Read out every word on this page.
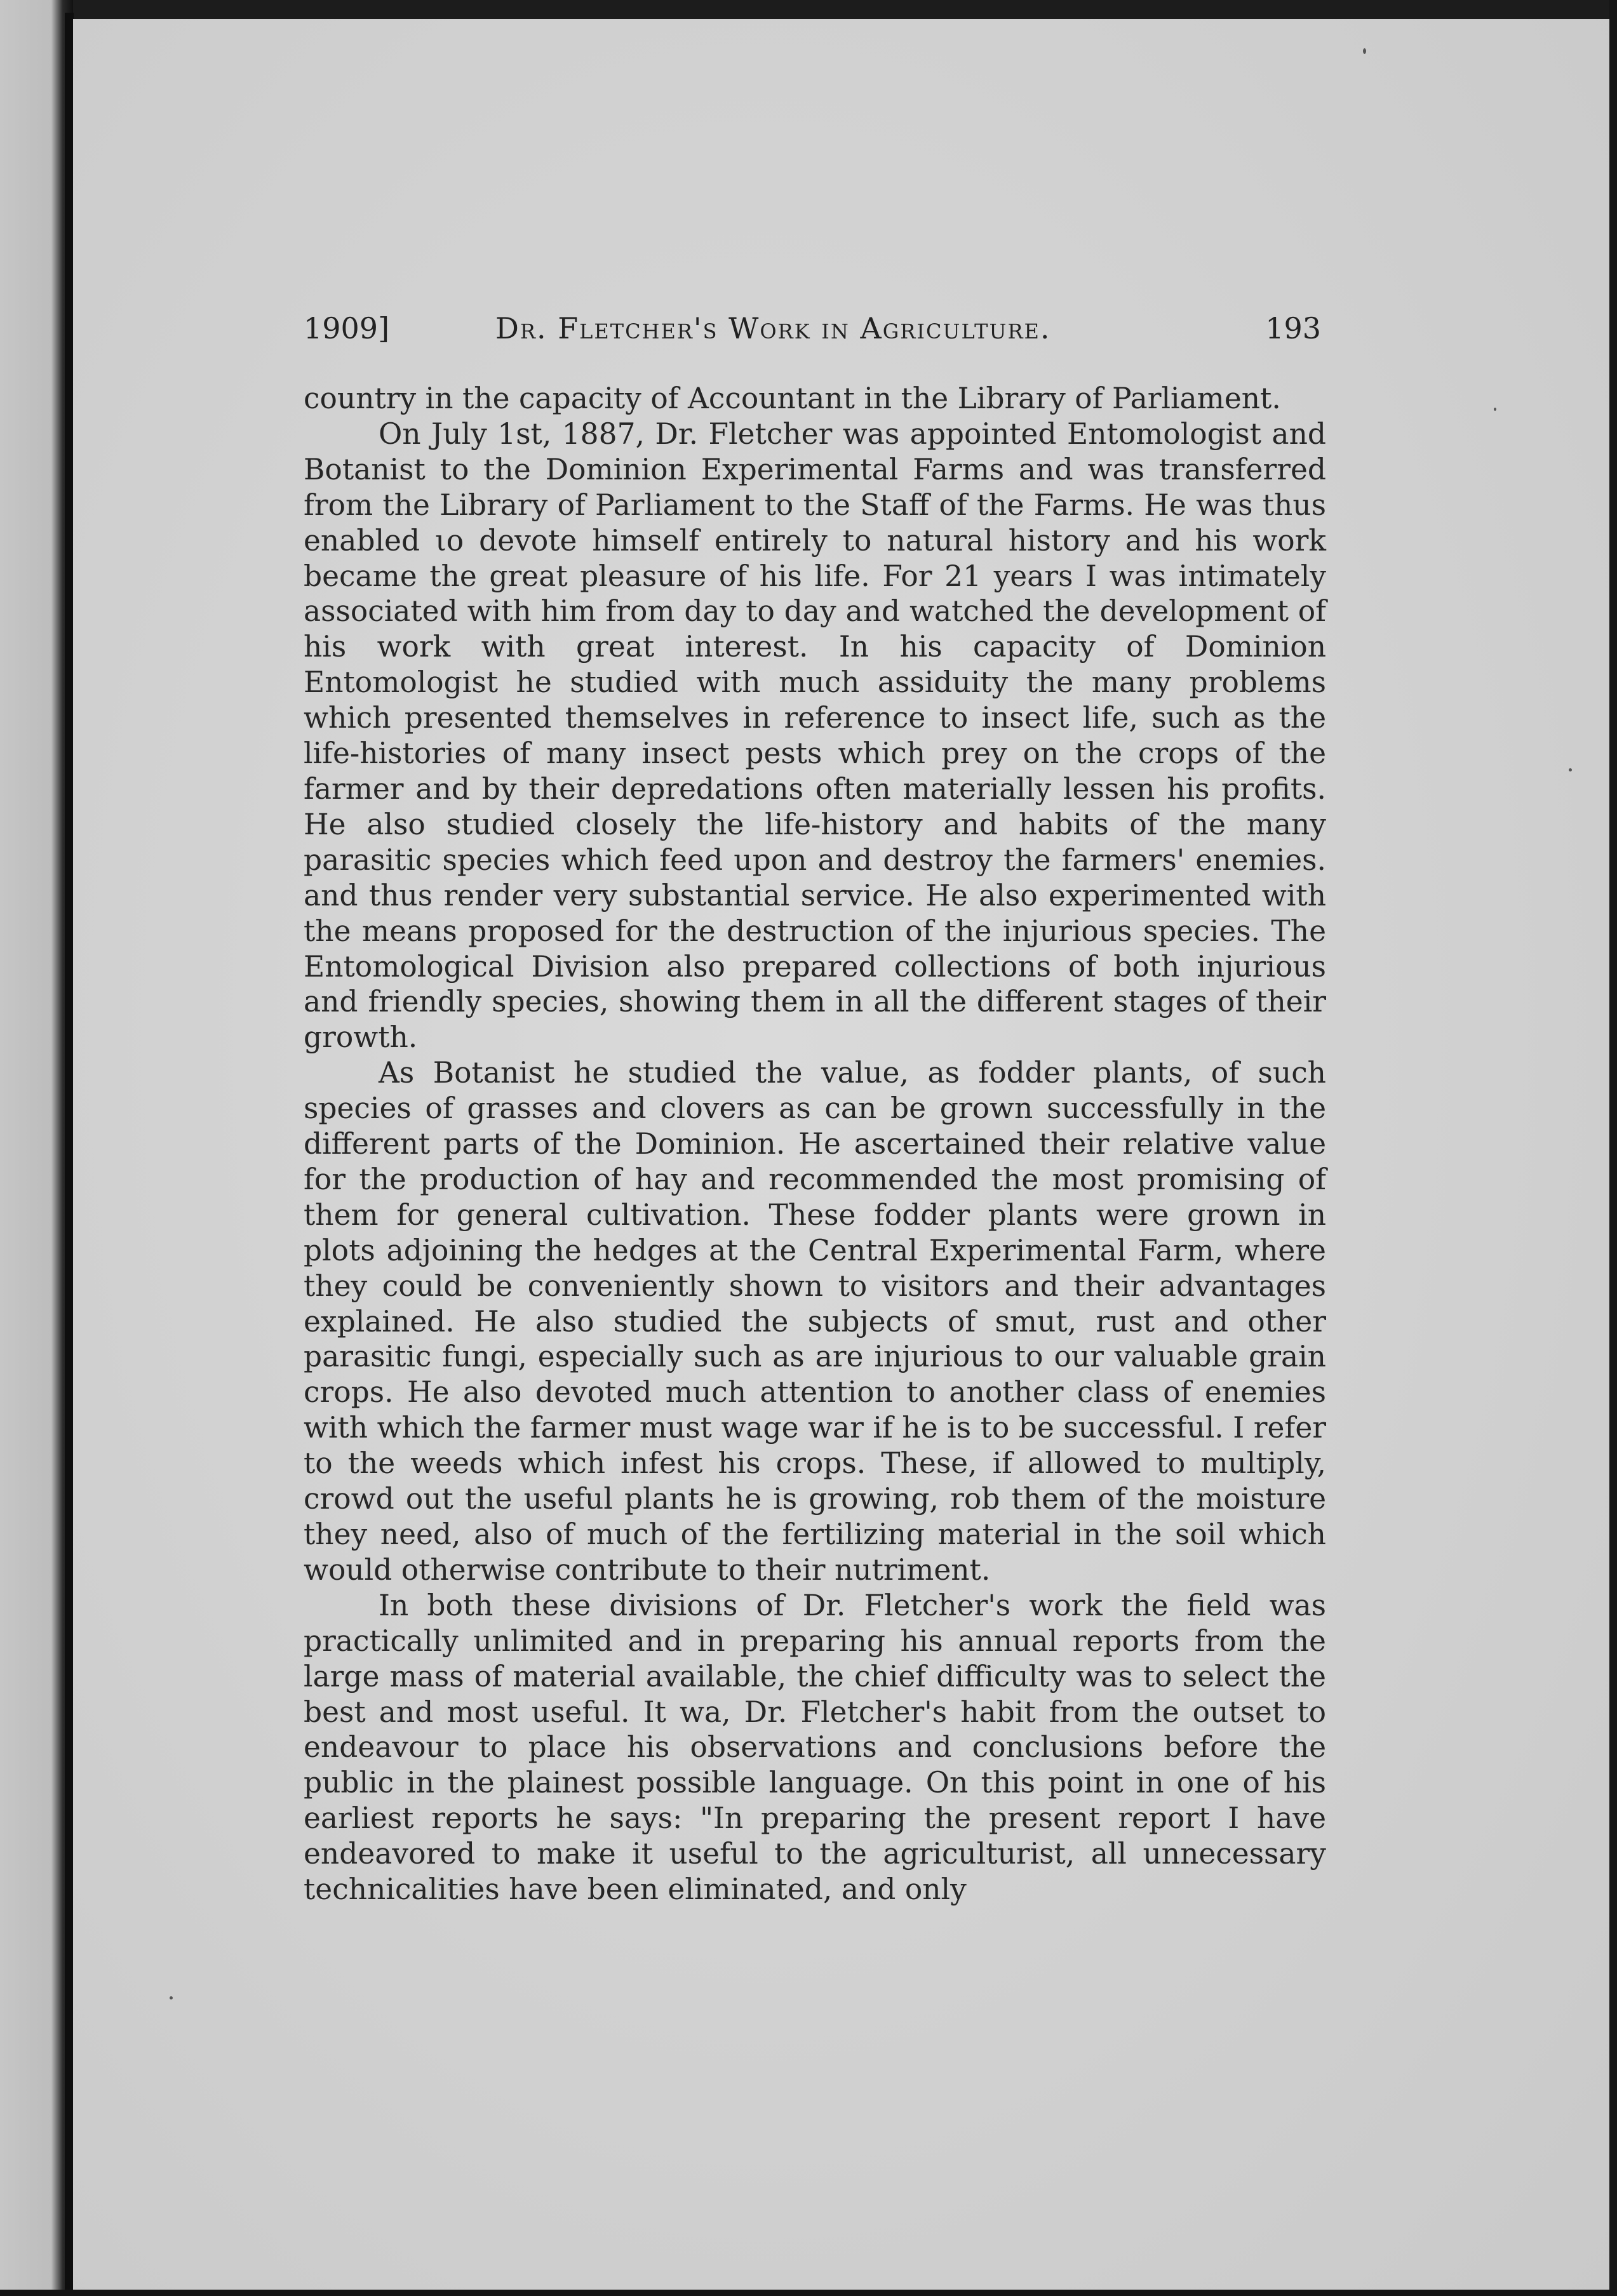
1909]	Dr. Fletcher's Work in Agriculture.	193

country in the capacity of Accountant in the Library of Parliament.

On July 1st, 1887, Dr. Fletcher was appointed Entomologist and Botanist to the Dominion Experimental Farms and was transferred from the Library of Parliament to the Staff of the Farms. He was thus enabled ιo devote himself entirely to natural history and his work became the great pleasure of his life. For 21 years I was intimately associated with him from day to day and watched the development of his work with great interest. In his capacity of Dominion Entomologist he studied with much assiduity the many problems which presented themselves in reference to insect life, such as the life-histories of many insect pests which prey on the crops of the farmer and by their depredations often materially lessen his profits. He also studied closely the life-history and habits of the many parasitic species which feed upon and destroy the farmers' enemies. and thus render very substantial service. He also experimented with the means proposed for the destruction of the injurious species. The Entomological Division also prepared collections of both injurious and friendly species, showing them in all the different stages of their growth.

As Botanist he studied the value, as fodder plants, of such species of grasses and clovers as can be grown successfully in the different parts of the Dominion. He ascertained their relative value for the production of hay and recommended the most promising of them for general cultivation. These fodder plants were grown in plots adjoining the hedges at the Central Experimental Farm, where they could be conveniently shown to visitors and their advantages explained. He also studied the subjects of smut, rust and other parasitic fungi, especially such as are injurious to our valuable grain crops. He also devoted much attention to another class of enemies with which the farmer must wage war if he is to be successful. I refer to the weeds which infest his crops. These, if allowed to multiply, crowd out the useful plants he is growing, rob them of the moisture they need, also of much of the fertilizing material in the soil which would otherwise contribute to their nutriment.

In both these divisions of Dr. Fletcher's work the field was practically unlimited and in preparing his annual reports from the large mass of material available, the chief difficulty was to select the best and most useful. It wa, Dr. Fletcher's habit from the outset to endeavour to place his observations and conclusions before the public in the plainest possible language. On this point in one of his earliest reports he says: "In preparing the present report I have endeavored to make it useful to the agriculturist, all unnecessary technicalities have been eliminated, and only
